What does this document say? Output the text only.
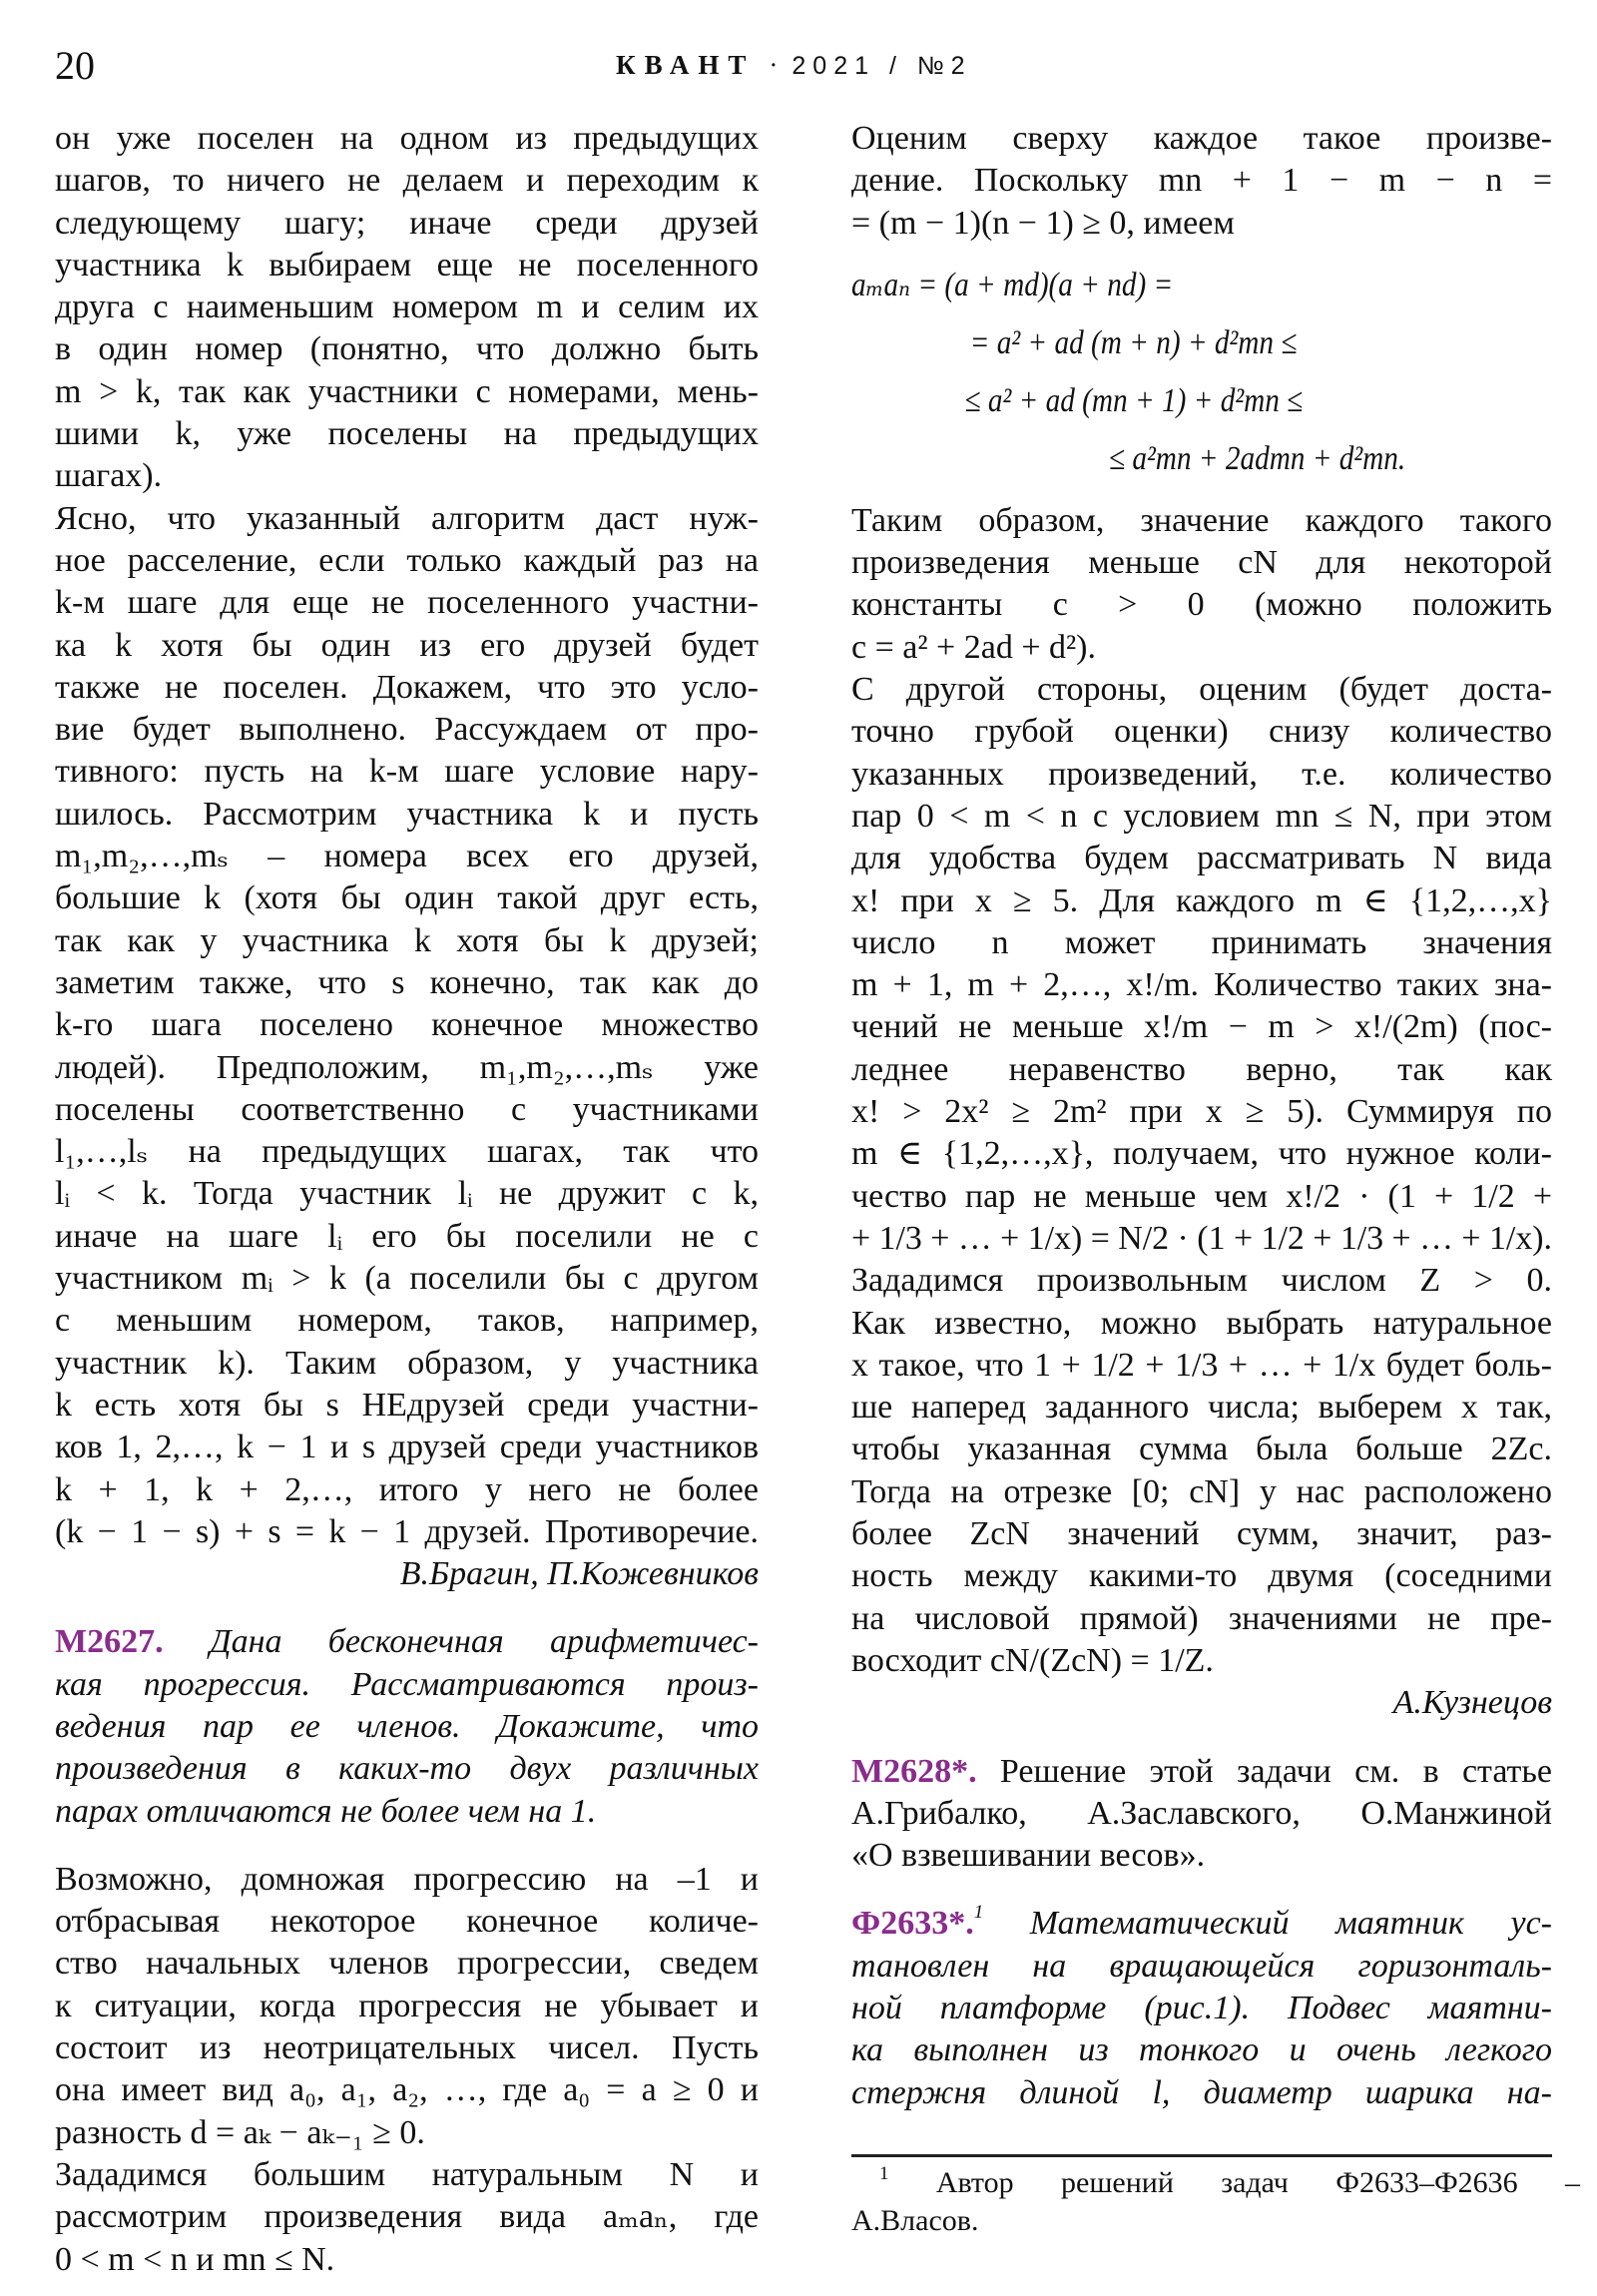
20	КВАНТ · 2021 / №2
он уже поселен на одном из предыдущих
шагов, то ничего не делаем и переходим к
следующему шагу; иначе среди друзей
участника k выбираем еще не поселенного
друга с наименьшим номером m и селим их
в один номер (понятно, что должно быть
m > k, так как участники с номерами, мень-
шими k, уже поселены на предыдущих
шагах).
Ясно, что указанный алгоритм даст нуж-
ное расселение, если только каждый раз на
k-м шаге для еще не поселенного участни-
ка k хотя бы один из его друзей будет
также не поселен. Докажем, что это усло-
вие будет выполнено. Рассуждаем от про-
тивного: пусть на k-м шаге условие нару-
шилось. Рассмотрим участника k и пусть
m₁,m₂,…,mₛ – номера всех его друзей,
большие k (хотя бы один такой друг есть,
так как у участника k хотя бы k друзей;
заметим также, что s конечно, так как до
k-го шага поселено конечное множество
людей). Предположим, m₁,m₂,…,mₛ уже
поселены соответственно с участниками
l₁,…,lₛ на предыдущих шагах, так что
lᵢ < k. Тогда участник lᵢ не дружит с k,
иначе на шаге lᵢ его бы поселили не с
участником mᵢ > k (а поселили бы с другом
с меньшим номером, таков, например,
участник k). Таким образом, у участника
k есть хотя бы s НЕдрузей среди участни-
ков 1, 2,…, k − 1 и s друзей среди участников
k + 1, k + 2,…, итого у него не более
(k − 1 − s) + s = k − 1 друзей. Противоречие.
В.Брагин, П.Кожевников
М2627. Дана бесконечная арифметичес-
кая прогрессия. Рассматриваются произ-
ведения пар ее членов. Докажите, что
произведения в каких-то двух различных
парах отличаются не более чем на 1.
Возможно, домножая прогрессию на –1 и
отбрасывая некоторое конечное количе-
ство начальных членов прогрессии, сведем
к ситуации, когда прогрессия не убывает и
состоит из неотрицательных чисел. Пусть
она имеет вид a₀, a₁, a₂, …, где a₀ = a ≥ 0 и
разность d = aₖ − aₖ₋₁ ≥ 0.
Зададимся большим натуральным N и
рассмотрим произведения вида aₘaₙ, где
0 < m < n и mn ≤ N.
Оценим сверху каждое такое произве-
дение. Поскольку mn + 1 − m − n =
= (m − 1)(n − 1) ≥ 0, имеем
aₘaₙ = (a + md)(a + nd) =
= a² + ad (m + n) + d²mn ≤
≤ a² + ad (mn + 1) + d²mn ≤
≤ a²mn + 2admn + d²mn.
Таким образом, значение каждого такого
произведения меньше cN для некоторой
константы c > 0 (можно положить
c = a² + 2ad + d²).
С другой стороны, оценим (будет доста-
точно грубой оценки) снизу количество
указанных произведений, т.е. количество
пар 0 < m < n с условием mn ≤ N, при этом
для удобства будем рассматривать N вида
x! при x ≥ 5. Для каждого m ∈ {1,2,…,x}
число n может принимать значения
m + 1, m + 2,…, x!/m. Количество таких зна-
чений не меньше x!/m − m > x!/(2m) (пос-
леднее неравенство верно, так как
x! > 2x² ≥ 2m² при x ≥ 5). Суммируя по
m ∈ {1,2,…,x}, получаем, что нужное коли-
чество пар не меньше чем x!/2 · (1 + 1/2 +
+ 1/3 + … + 1/x) = N/2 · (1 + 1/2 + 1/3 + … + 1/x).
Зададимся произвольным числом Z > 0.
Как известно, можно выбрать натуральное
x такое, что 1 + 1/2 + 1/3 + … + 1/x будет боль-
ше наперед заданного числа; выберем x так,
чтобы указанная сумма была больше 2Zc.
Тогда на отрезке [0; cN] у нас расположено
более ZcN значений сумм, значит, раз-
ность между какими-то двумя (соседними
на числовой прямой) значениями не пре-
восходит cN/(ZcN) = 1/Z.
А.Кузнецов
М2628*. Решение этой задачи см. в статье
А.Грибалко, А.Заславского, О.Манжиной
«О взвешивании весов».
Ф2633*.$^1$ Математический маятник ус-
тановлен на вращающейся горизонталь-
ной платформе (рис.1). Подвес маятни-
ка выполнен из тонкого и очень легкого
стержня длиной l, диаметр шарика на-
$^1$ Автор решений задач Ф2633–Ф2636 –
А.Власов.
